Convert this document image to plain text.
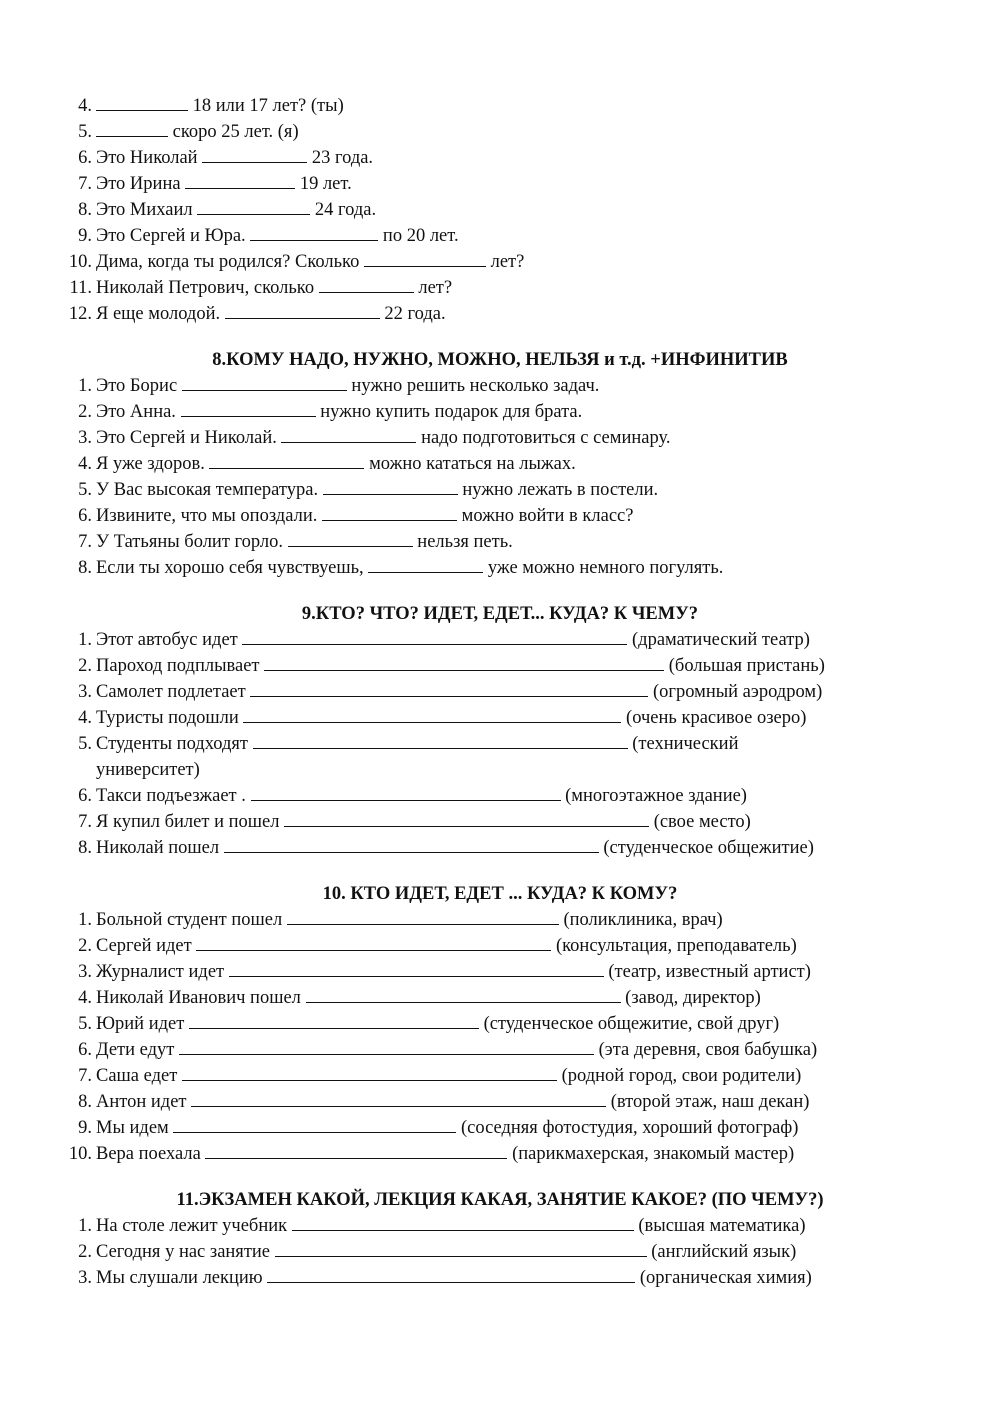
4.	18 или 17 лет? (ты)
5.	скоро 25 лет. (я)
6. Это Николай	23 года.
7. Это Ирина	19 лет.
8. Это Михаил	24 года.
9. Это Сергей и Юра.	по 20 лет.
10. Дима, когда ты родился? Сколько	лет?
11. Николай Петрович, сколько	лет?
12. Я еще молодой.	22 года.
8.КОМУ НАДО, НУЖНО, МОЖНО, НЕЛЬЗЯ и т.д. +ИНФИНИТИВ
1. Это Борис	нужно решить несколько задач.
2. Это Анна.	нужно купить подарок для брата.
3. Это Сергей и Николай.	надо подготовиться с семинару.
4. Я уже здоров.	можно кататься на лыжах.
5. У Вас высокая температура.	нужно лежать в постели.
6. Извините, что мы опоздали.	можно войти в класс?
7. У Татьяны болит горло.	нельзя петь.
8. Если ты хорошо себя чувствуешь,	уже можно немного погулять.
9.КТО? ЧТО? ИДЕТ, ЕДЕТ... КУДА? К ЧЕМУ?
1. Этот автобус идет	(драматический театр)
2. Пароход подплывает	(большая пристань)
3. Самолет подлетает	(огромный аэродром)
4. Туристы подошли	(очень красивое озеро)
5. Студенты подходят	(технический
университет)
6. Такси подъезжает .	(многоэтажное здание)
7. Я купил билет и пошел	(свое место)
8. Николай пошел	(студенческое общежитие)
10. КТО ИДЕТ, ЕДЕТ ... КУДА? К КОМУ?
1. Больной студент пошел	(поликлиника, врач)
2. Сергей идет	(консультация, преподаватель)
3. Журналист идет	(театр, известный артист)
4. Николай Иванович пошел	(завод, директор)
5. Юрий идет	(студенческое общежитие, свой друг)
6. Дети едут	(эта деревня, своя бабушка)
7. Саша едет	(родной город, свои родители)
8. Антон идет	(второй этаж, наш декан)
9. Мы идем	(соседняя фотостудия, хороший фотограф)
10. Вера поехала	(парикмахерская, знакомый мастер)
11.ЭКЗАМЕН КАКОЙ, ЛЕКЦИЯ КАКАЯ, ЗАНЯТИЕ КАКОЕ? (ПО ЧЕМУ?)
1. На столе лежит учебник	(высшая математика)
2. Сегодня у нас занятие	(английский язык)
3. Мы слушали лекцию	(органическая химия)
